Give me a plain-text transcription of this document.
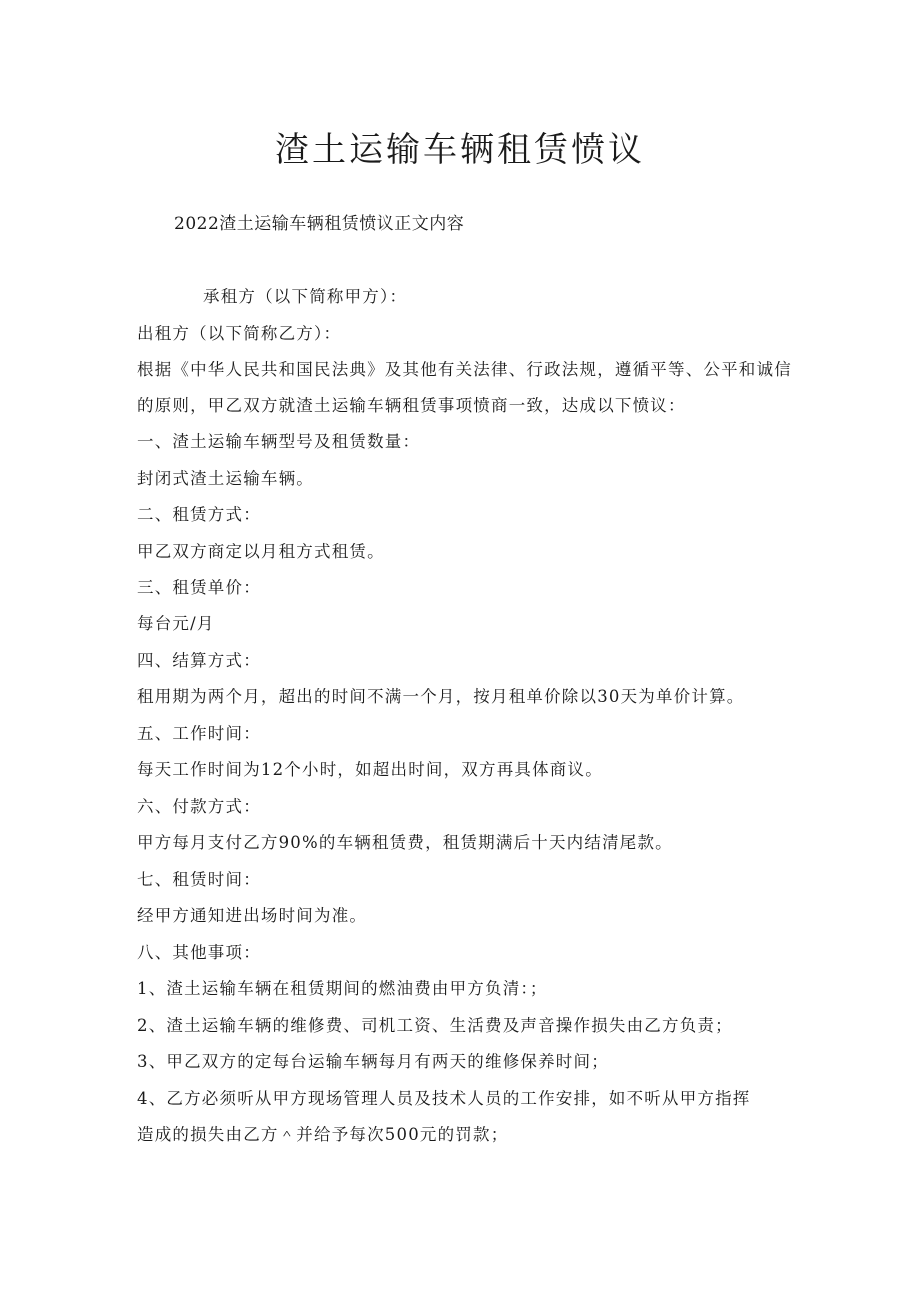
渣土运输车辆租赁愤议
2022渣土运输车辆租赁愤议正文内容
承租方（以下简称甲方）：
出租方（以下简称乙方）：
根据《中华人民共和国民法典》及其他有关法律、行政法规，遵循平等、公平和诚信
的原则，甲乙双方就渣土运输车辆租赁事项愤商一致，达成以下愤议：
一、渣土运输车辆型号及租赁数量：
封闭式渣土运输车辆。
二、租赁方式：
甲乙双方商定以月租方式租赁。
三、租赁单价：
每台元/月
四、结算方式：
租用期为两个月，超出的时间不满一个月，按月租单价除以30天为单价计算。
五、工作时间：
每天工作时间为12个小时，如超出时间，双方再具体商议。
六、付款方式：
甲方每月支付乙方90%的车辆租赁费，租赁期满后十天内结清尾款。
七、租赁时间：
经甲方通知进出场时间为准。
八、其他事项：
1、渣土运输车辆在租赁期间的燃油费由甲方负清：；
2、渣土运输车辆的维修费、司机工资、生活费及声音操作损失由乙方负责；
3、甲乙双方的定每台运输车辆每月有两天的维修保养时间；
4、乙方必须听从甲方现场管理人员及技术人员的工作安排，如不听从甲方指挥
造成的损失由乙方＾并给予每次500元的罚款；
